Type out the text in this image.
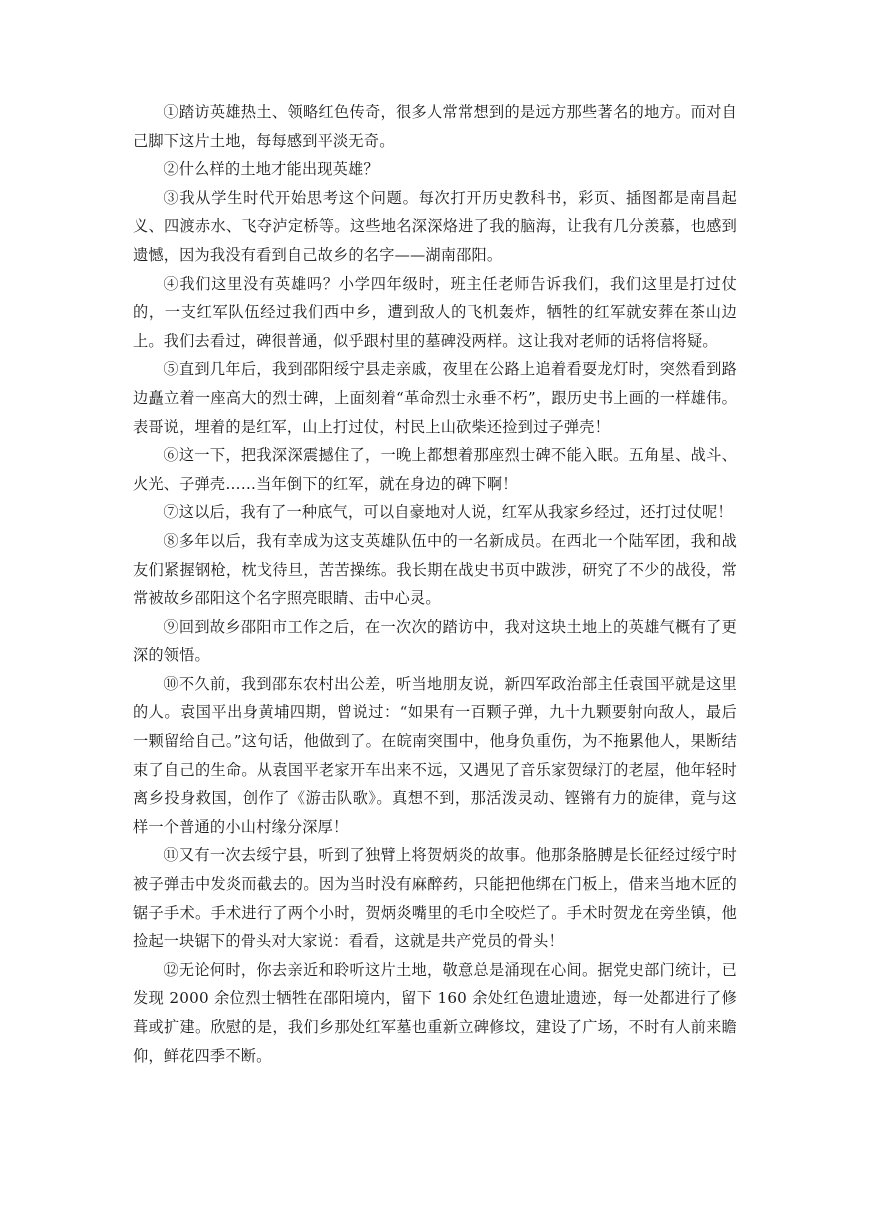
①踏访英雄热土、领略红色传奇，很多人常常想到的是远方那些著名的地方。而对自己脚下这片土地，每每感到平淡无奇。

②什么样的土地才能出现英雄？

③我从学生时代开始思考这个问题。每次打开历史教科书，彩页、插图都是南昌起义、四渡赤水、飞夺泸定桥等。这些地名深深烙进了我的脑海，让我有几分羡慕，也感到遗憾，因为我没有看到自己故乡的名字——湖南邵阳。

④我们这里没有英雄吗？小学四年级时，班主任老师告诉我们，我们这里是打过仗的，一支红军队伍经过我们西中乡，遭到敌人的飞机轰炸，牺牲的红军就安葬在茶山边上。我们去看过，碑很普通，似乎跟村里的墓碑没两样。这让我对老师的话将信将疑。

⑤直到几年后，我到邵阳绥宁县走亲戚，夜里在公路上追着看耍龙灯时，突然看到路边矗立着一座高大的烈士碑，上面刻着“革命烈士永垂不朽”，跟历史书上画的一样雄伟。表哥说，埋着的是红军，山上打过仗，村民上山砍柴还捡到过子弹壳！

⑥这一下，把我深深震撼住了，一晚上都想着那座烈士碑不能入眠。五角星、战斗、火光、子弹壳……当年倒下的红军，就在身边的碑下啊！

⑦这以后，我有了一种底气，可以自豪地对人说，红军从我家乡经过，还打过仗呢！

⑧多年以后，我有幸成为这支英雄队伍中的一名新成员。在西北一个陆军团，我和战友们紧握钢枪，枕戈待旦，苦苦操练。我长期在战史书页中跋涉，研究了不少的战役，常常被故乡邵阳这个名字照亮眼睛、击中心灵。

⑨回到故乡邵阳市工作之后，在一次次的踏访中，我对这块土地上的英雄气概有了更深的领悟。

⑩不久前，我到邵东农村出公差，听当地朋友说，新四军政治部主任袁国平就是这里的人。袁国平出身黄埔四期，曾说过：“如果有一百颗子弹，九十九颗要射向敌人，最后一颗留给自己。”这句话，他做到了。在皖南突围中，他身负重伤，为不拖累他人，果断结束了自己的生命。从袁国平老家开车出来不远，又遇见了音乐家贺绿汀的老屋，他年轻时离乡投身救国，创作了《游击队歌》。真想不到，那活泼灵动、铿锵有力的旋律，竟与这样一个普通的小山村缘分深厚！

⑪又有一次去绥宁县，听到了独臂上将贺炳炎的故事。他那条胳膊是长征经过绥宁时被子弹击中发炎而截去的。因为当时没有麻醉药，只能把他绑在门板上，借来当地木匠的锯子手术。手术进行了两个小时，贺炳炎嘴里的毛巾全咬烂了。手术时贺龙在旁坐镇，他捡起一块锯下的骨头对大家说：看看，这就是共产党员的骨头！

⑫无论何时，你去亲近和聆听这片土地，敬意总是涌现在心间。据党史部门统计，已发现 2000 余位烈士牺牲在邵阳境内，留下 160 余处红色遗址遗迹，每一处都进行了修葺或扩建。欣慰的是，我们乡那处红军墓也重新立碑修坟，建设了广场，不时有人前来瞻仰，鲜花四季不断。
